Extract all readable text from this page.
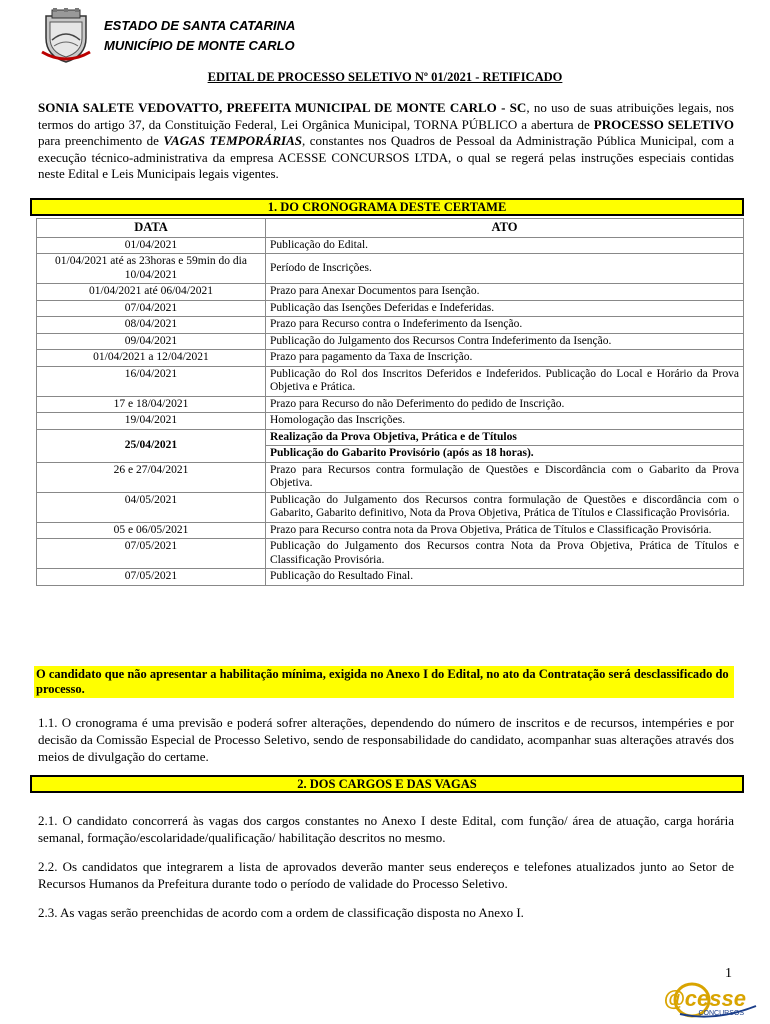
ESTADO DE SANTA CATARINA
MUNICÍPIO DE MONTE CARLO
EDITAL DE PROCESSO SELETIVO Nº 01/2021 - RETIFICADO
SONIA SALETE VEDOVATTO, PREFEITA MUNICIPAL DE MONTE CARLO - SC, no uso de suas atribuições legais, nos termos do artigo 37, da Constituição Federal, Lei Orgânica Municipal, TORNA PÚBLICO a abertura de PROCESSO SELETIVO para preenchimento de VAGAS TEMPORÁRIAS, constantes nos Quadros de Pessoal da Administração Pública Municipal, com a execução técnico-administrativa da empresa ACESSE CONCURSOS LTDA, o qual se regerá pelas instruções especiais contidas neste Edital e Leis Municipais legais vigentes.
1. DO CRONOGRAMA DESTE CERTAME
DATA	ATO
01/04/2021	Publicação do Edital.
01/04/2021 até as 23horas e 59min do dia 10/04/2021	Período de Inscrições.
01/04/2021 até 06/04/2021	Prazo para Anexar Documentos para Isenção.
07/04/2021	Publicação das Isenções Deferidas e Indeferidas.
08/04/2021	Prazo para Recurso contra o Indeferimento da Isenção.
09/04/2021	Publicação do Julgamento dos Recursos Contra Indeferimento da Isenção.
01/04/2021 a 12/04/2021	Prazo para pagamento da Taxa de Inscrição.
16/04/2021	Publicação do Rol dos Inscritos Deferidos e Indeferidos. Publicação do Local e Horário da Prova Objetiva e Prática.
17 e 18/04/2021	Prazo para Recurso do não Deferimento do pedido de Inscrição.
19/04/2021	Homologação das Inscrições.
25/04/2021	Realização da Prova Objetiva, Prática e de Títulos
	Publicação do Gabarito Provisório (após as 18 horas).
26 e 27/04/2021	Prazo para Recursos contra formulação de Questões e Discordância com o Gabarito da Prova Objetiva.
04/05/2021	Publicação do Julgamento dos Recursos contra formulação de Questões e discordância com o Gabarito, Gabarito definitivo, Nota da Prova Objetiva, Prática de Títulos e Classificação Provisória.
05 e 06/05/2021	Prazo para Recurso contra nota da Prova Objetiva, Prática de Títulos e Classificação Provisória.
07/05/2021	Publicação do Julgamento dos Recursos contra Nota da Prova Objetiva, Prática de Títulos e Classificação Provisória.
07/05/2021	Publicação do Resultado Final.
O candidato que não apresentar a habilitação mínima, exigida no Anexo I do Edital, no ato da Contratação será desclassificado do processo.
1.1. O cronograma é uma previsão e poderá sofrer alterações, dependendo do número de inscritos e de recursos, intempéries e por decisão da Comissão Especial de Processo Seletivo, sendo de responsabilidade do candidato, acompanhar suas alterações através dos meios de divulgação do certame.
2. DOS CARGOS E DAS VAGAS
2.1. O candidato concorrerá às vagas dos cargos constantes no Anexo I deste Edital, com função/ área de atuação, carga horária semanal, formação/escolaridade/qualificação/ habilitação descritos no mesmo.
2.2. Os candidatos que integrarem a lista de aprovados deverão manter seus endereços e telefones atualizados junto ao Setor de Recursos Humanos da Prefeitura durante todo o período de validade do Processo Seletivo.
2.3. As vagas serão preenchidas de acordo com a ordem de classificação disposta no Anexo I.
1
@cesse
CONCURSOS
